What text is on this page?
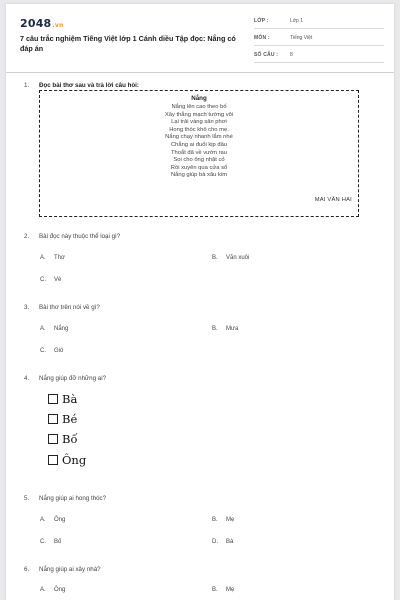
2048.vn
7 câu trắc nghiệm Tiếng Việt lớp 1 Cánh diều Tập đọc: Nắng có đáp án
LỚP :	Lớp 1
MÔN :	Tiếng Việt
SỐ CÂU : 8
1.	Đọc bài thơ sau và trả lời câu hỏi:
Nắng
Nắng lên cao theo bố
Xây thẳng mạch tường vôi
Lại trải vàng sân phơi
Hong thóc khô cho mẹ.
Nắng chạy nhanh lắm nhé
Chẳng ai đuổi kịp đâu
Thoắt đã về vườn rau
Soi cho ông nhặt cỏ
Rồi xuyên qua cửa sổ
Nắng giúp bà xâu kim
MAI VĂN HAI
2.	Bài đọc này thuộc thể loại gì?
A. Thơ	B. Văn xuôi
C. Vè
3.	Bài thơ trên nói về gì?
A. Nắng	B. Mưa
C. Gió
4.	Nắng giúp đỡ những ai?
Bà
Bé
Bố
Ông
5.	Nắng giúp ai hong thóc?
A. Ông	B. Mẹ
C. Bố	D. Bà
6.	Nắng giúp ai xây nhà?
A. Ông	B. Mẹ
